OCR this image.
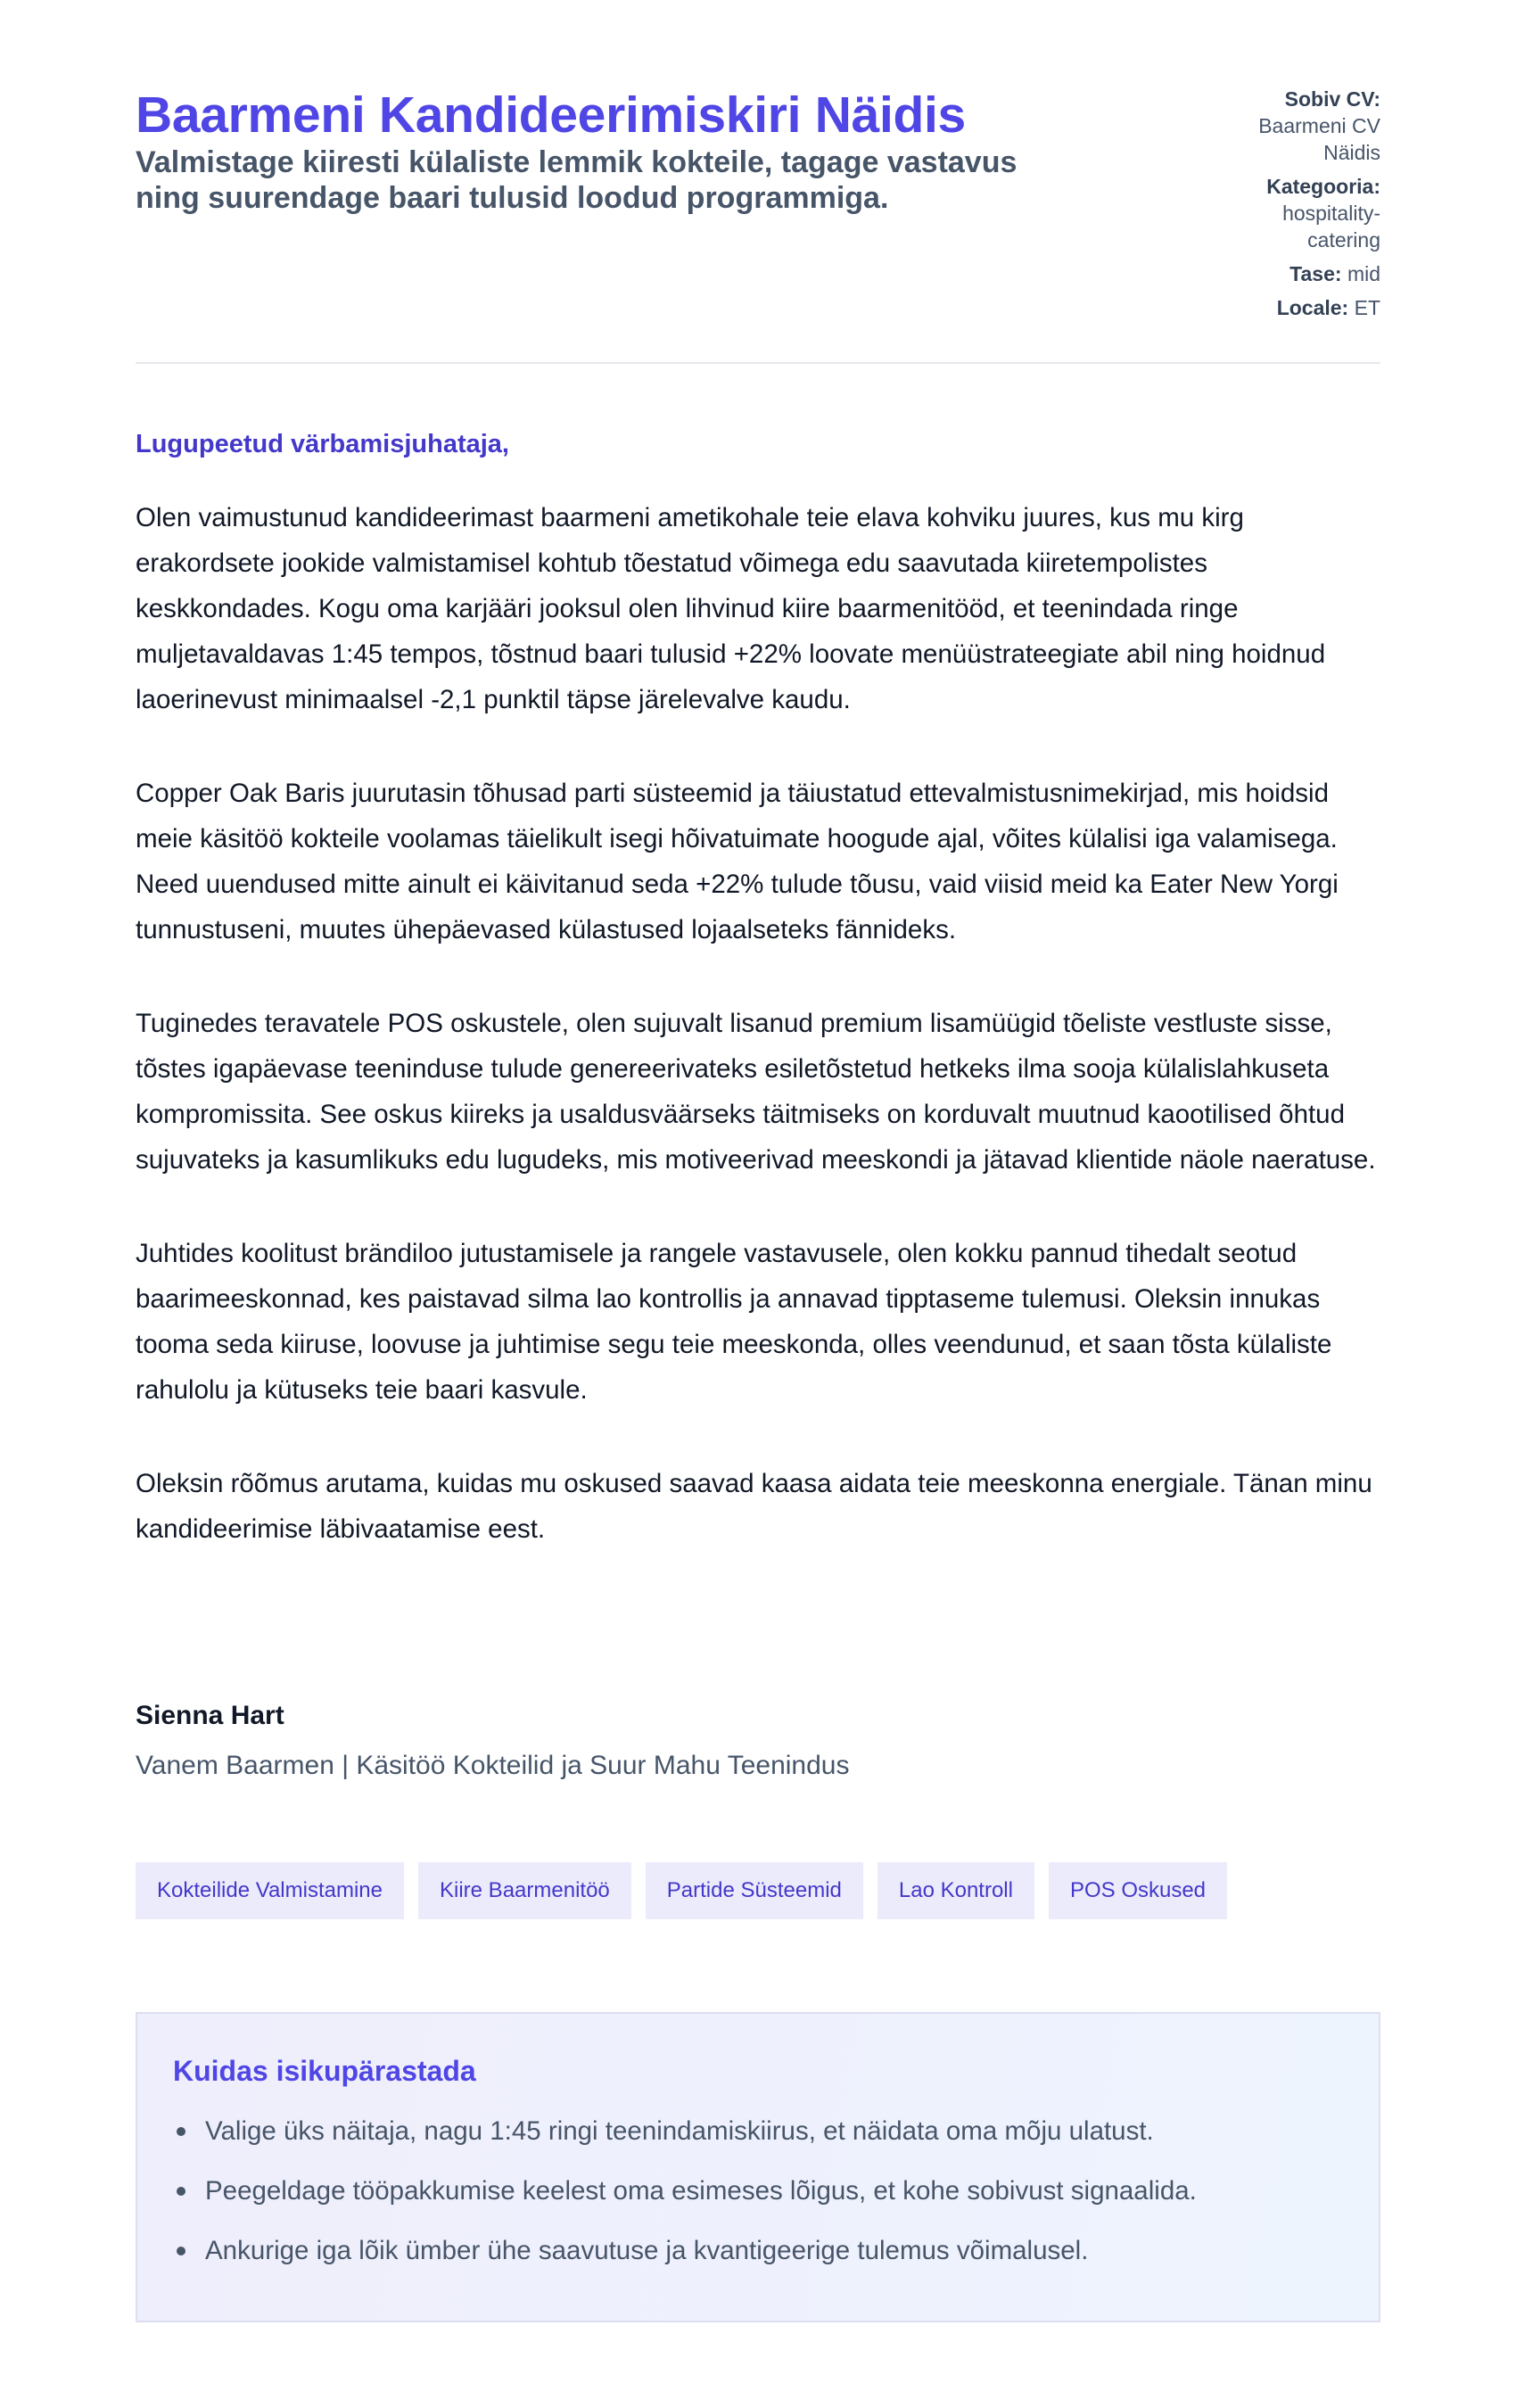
Baarmeni Kandideerimiskiri Näidis

Valmistage kiiresti külaliste lemmik kokteile, tagage vastavus ning suurendage baari tulusid loodud programmiga.

Sobiv CV: Baarmeni CV Näidis
Kategooria: hospitality-catering
Tase: mid
Locale: ET

Lugupeetud värbamisjuhataja,

Olen vaimustunud kandideerimast baarmeni ametikohale teie elava kohviku juures, kus mu kirg erakordsete jookide valmistamisel kohtub tõestatud võimega edu saavutada kiiretempolistes keskkondades. Kogu oma karjääri jooksul olen lihvinud kiire baarmenitööd, et teenindada ringe muljetavaldavas 1:45 tempos, tõstnud baari tulusid +22% loovate menüüstrateegiate abil ning hoidnud laoerinevust minimaalsel -2,1 punktil täpse järelevalve kaudu.

Copper Oak Baris juurutasin tõhusad parti süsteemid ja täiustatud ettevalmistusnimekirjad, mis hoidsid meie käsitöö kokteile voolamas täielikult isegi hõivatuimate hoogude ajal, võites külalisi iga valamisega. Need uuendused mitte ainult ei käivitanud seda +22% tulude tõusu, vaid viisid meid ka Eater New Yorgi tunnustuseni, muutes ühepäevased külastused lojaalseteks fännideks.

Tuginedes teravatele POS oskustele, olen sujuvalt lisanud premium lisamüügid tõeliste vestluste sisse, tõstes igapäevase teeninduse tulude genereerivateks esiletõstetud hetkeks ilma sooja külalislahkuseta kompromissita. See oskus kiireks ja usaldusväärseks täitmiseks on korduvalt muutnud kaootilised õhtud sujuvateks ja kasumlikuks edu lugudeks, mis motiveerivad meeskondi ja jätavad klientide näole naeratuse.

Juhtides koolitust brändiloo jutustamisele ja rangele vastavusele, olen kokku pannud tihedalt seotud baarimeeskonnad, kes paistavad silma lao kontrollis ja annavad tipptaseme tulemusi. Oleksin innukas tooma seda kiiruse, loovuse ja juhtimise segu teie meeskonda, olles veendunud, et saan tõsta külaliste rahulolu ja kütuseks teie baari kasvule.

Oleksin rõõmus arutama, kuidas mu oskused saavad kaasa aidata teie meeskonna energiale. Tänan minu kandideerimise läbivaatamise eest.

Sienna Hart

Vanem Baarmen | Käsitöö Kokteilid ja Suur Mahu Teenindus

Kokteilide Valmistamine	Kiire Baarmenitöö	Partide Süsteemid	Lao Kontroll	POS Oskused
Kuidas isikupärastada
Valige üks näitaja, nagu 1:45 ringi teenindamiskiirus, et näidata oma mõju ulatust.
Peegeldage tööpakkumise keelest oma esimeses lõigus, et kohe sobivust signaalida.
Ankurige iga lõik ümber ühe saavutuse ja kvantigeerige tulemus võimalusel.
